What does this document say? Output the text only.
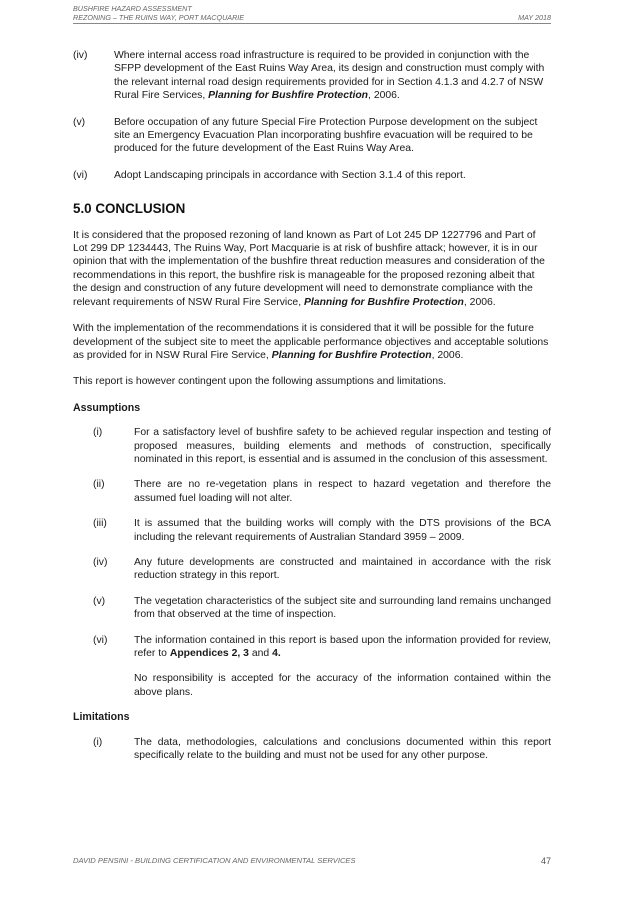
BUSHFIRE HAZARD ASSESSMENT
REZONING – THE RUINS WAY, PORT MACQUARIE	MAY 2018
(iv)	Where internal access road infrastructure is required to be provided in conjunction with the SFPP development of the East Ruins Way Area, its design and construction must comply with the relevant internal road design requirements provided for in Section 4.1.3 and 4.2.7 of NSW Rural Fire Services, Planning for Bushfire Protection, 2006.
(v)	Before occupation of any future Special Fire Protection Purpose development on the subject site an Emergency Evacuation Plan incorporating bushfire evacuation will be required to be produced for the future development of the East Ruins Way Area.
(vi)	Adopt Landscaping principals in accordance with Section 3.1.4 of this report.
5.0 CONCLUSION

It is considered that the proposed rezoning of land known as Part of Lot 245 DP 1227796 and Part of Lot 299 DP 1234443, The Ruins Way, Port Macquarie is at risk of bushfire attack; however, it is in our opinion that with the implementation of the bushfire threat reduction measures and consideration of the recommendations in this report, the bushfire risk is manageable for the proposed rezoning albeit that the design and construction of any future development will need to demonstrate compliance with the relevant requirements of NSW Rural Fire Service, Planning for Bushfire Protection, 2006.

With the implementation of the recommendations it is considered that it will be possible for the future development of the subject site to meet the applicable performance objectives and acceptable solutions as provided for in NSW Rural Fire Service, Planning for Bushfire Protection, 2006.

This report is however contingent upon the following assumptions and limitations.

Assumptions
(i)	For a satisfactory level of bushfire safety to be achieved regular inspection and testing of proposed measures, building elements and methods of construction, specifically nominated in this report, is essential and is assumed in the conclusion of this assessment.
(ii)	There are no re-vegetation plans in respect to hazard vegetation and therefore the assumed fuel loading will not alter.
(iii)	It is assumed that the building works will comply with the DTS provisions of the BCA including the relevant requirements of Australian Standard 3959 – 2009.
(iv)	Any future developments are constructed and maintained in accordance with the risk reduction strategy in this report.
(v)	The vegetation characteristics of the subject site and surrounding land remains unchanged from that observed at the time of inspection.
(vi)	The information contained in this report is based upon the information provided for review, refer to Appendices 2, 3 and 4.
No responsibility is accepted for the accuracy of the information contained within the above plans.
Limitations
(i)	The data, methodologies, calculations and conclusions documented within this report specifically relate to the building and must not be used for any other purpose.
DAVID PENSINI - BUILDING CERTIFICATION AND ENVIRONMENTAL SERVICES	47
